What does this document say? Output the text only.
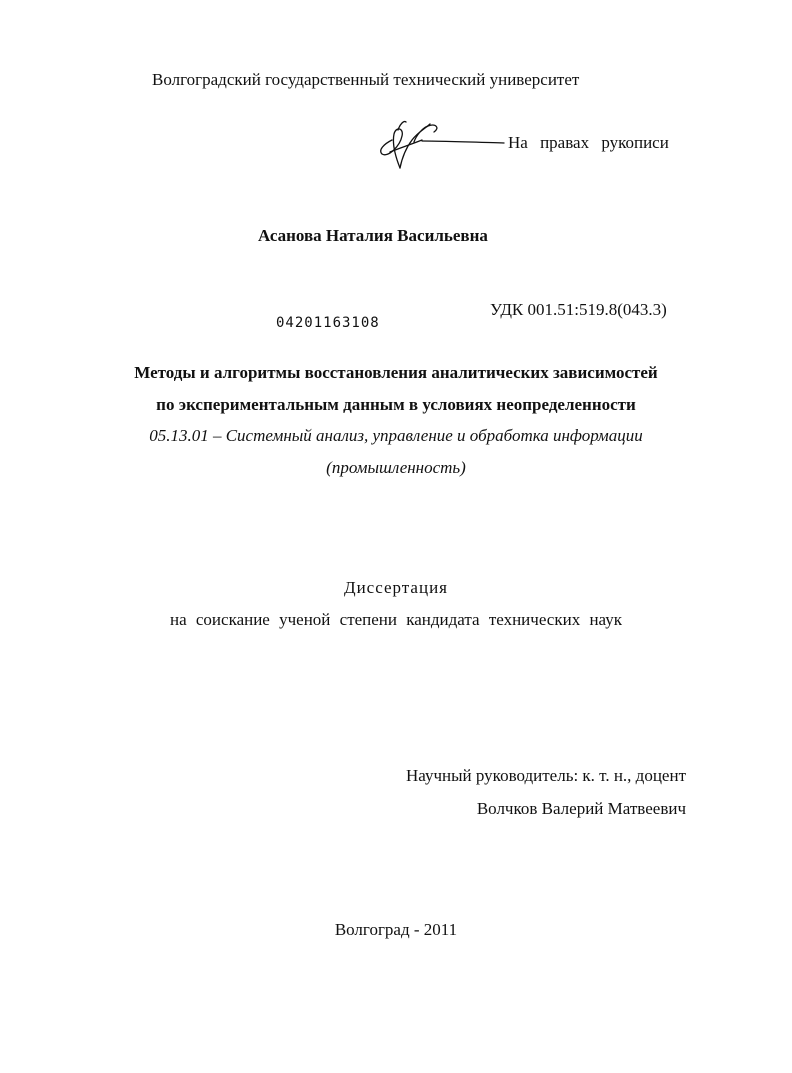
Волгоградский государственный технический университет
На правах рукописи
Асанова Наталия Васильевна
04201163108
УДК 001.51:519.8(043.3)
Методы и алгоритмы восстановления аналитических зависимостей
по экспериментальным данным в условиях неопределенности
05.13.01 – Системный анализ, управление и обработка информации
(промышленность)
Диссертация
на соискание ученой степени кандидата технических наук
Научный руководитель: к. т. н., доцент
Волчков Валерий Матвеевич
Волгоград - 2011
